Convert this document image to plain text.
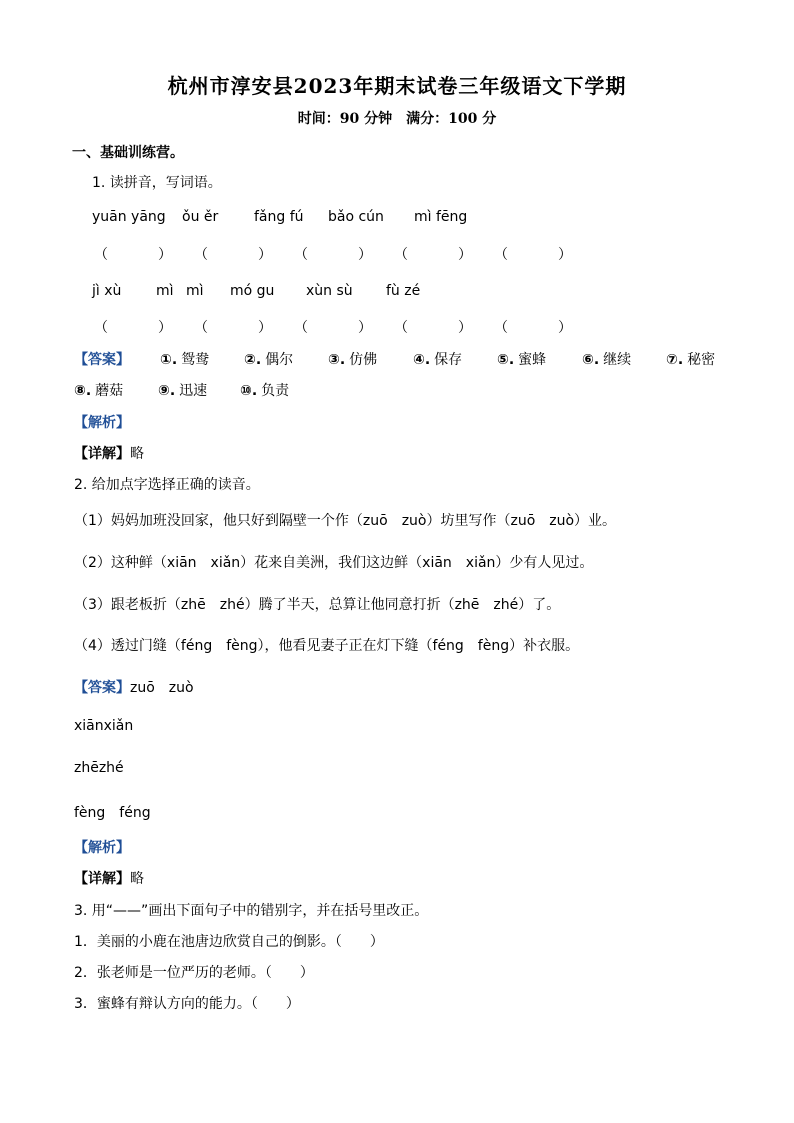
杭州市淳安县2023年期末试卷三年级语文下学期
时间：90 分钟　满分：100 分
一、基础训练营。
1. 读拼音，写词语。
yuān yāng ǒu ěr	fǎng fú bǎo cún mì fēng
（	） （	） （	） （	） （	）
jì xù mì mì mó gu xùn sù fù zé
（	） （	） （	） （	） （	）
【答案】 ①. 鸳鸯 ②. 偶尔 ③. 仿佛	④. 保存 ⑤. 蜜蜂	⑥. 继续 ⑦. 秘密
⑧. 蘑菇 ⑨. 迅速 ⑩. 负责
【解析】
【详解】略
2. 给加点字选择正确的读音。
（1）妈妈加班没回家，他只好到隔壁一个作（zuō　zuò）坊里写作（zuō　zuò）业。
（2）这种鲜（xiān　xiǎn）花来自美洲，我们这边鲜（xiān　xiǎn）少有人见过。
（3）跟老板折（zhē　zhé）腾了半天，总算让他同意打折（zhē　zhé）了。
（4）透过门缝（féng　fèng），他看见妻子正在灯下缝（féng　fèng）补衣服。
【答案】zuō　zuò
xiānxiǎn
zhēzhé
fèng　féng
【解析】
【详解】略
3. 用“——”画出下面句子中的错别字，并在括号里改正。
1．美丽的小鹿在池唐边欣赏自己的倒影。（　　）
2．张老师是一位严历的老师。（　　）
3．蜜蜂有辩认方向的能力。（　　）
